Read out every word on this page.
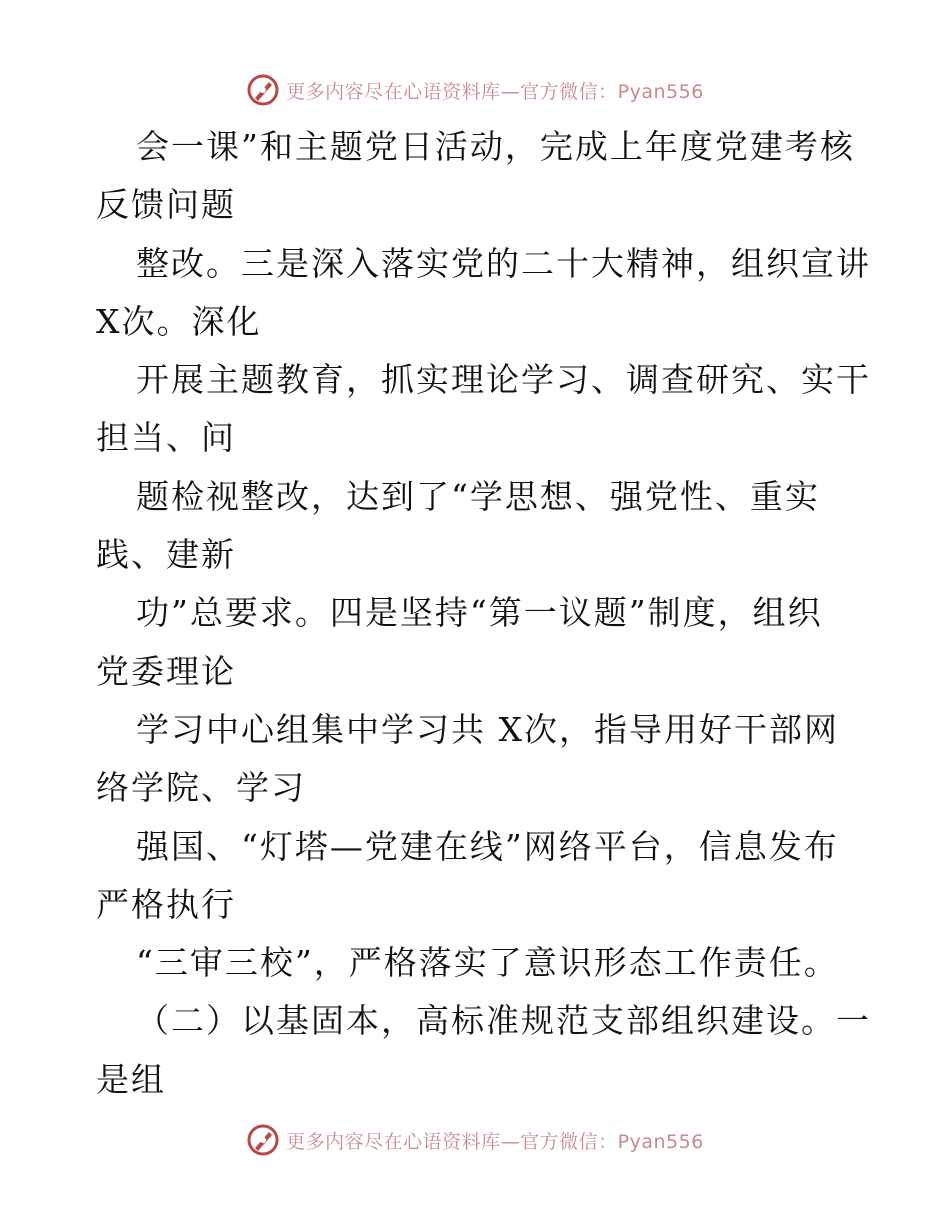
更多内容尽在心语资料库—官方微信：Pyan556
会一课”和主题党日活动，完成上年度党建考核
反馈问题
整改。三是深入落实党的二十大精神，组织宣讲
X次。深化
开展主题教育，抓实理论学习、调查研究、实干
担当、问
题检视整改，达到了“学思想、强党性、重实
践、建新
功”总要求。四是坚持“第一议题”制度，组织
党委理论
学习中心组集中学习共 X次，指导用好干部网
络学院、学习
强国、“灯塔—党建在线”网络平台，信息发布
严格执行
“三审三校”，严格落实了意识形态工作责任。
（二）以基固本，高标准规范支部组织建设。一
是组
更多内容尽在心语资料库—官方微信：Pyan556
